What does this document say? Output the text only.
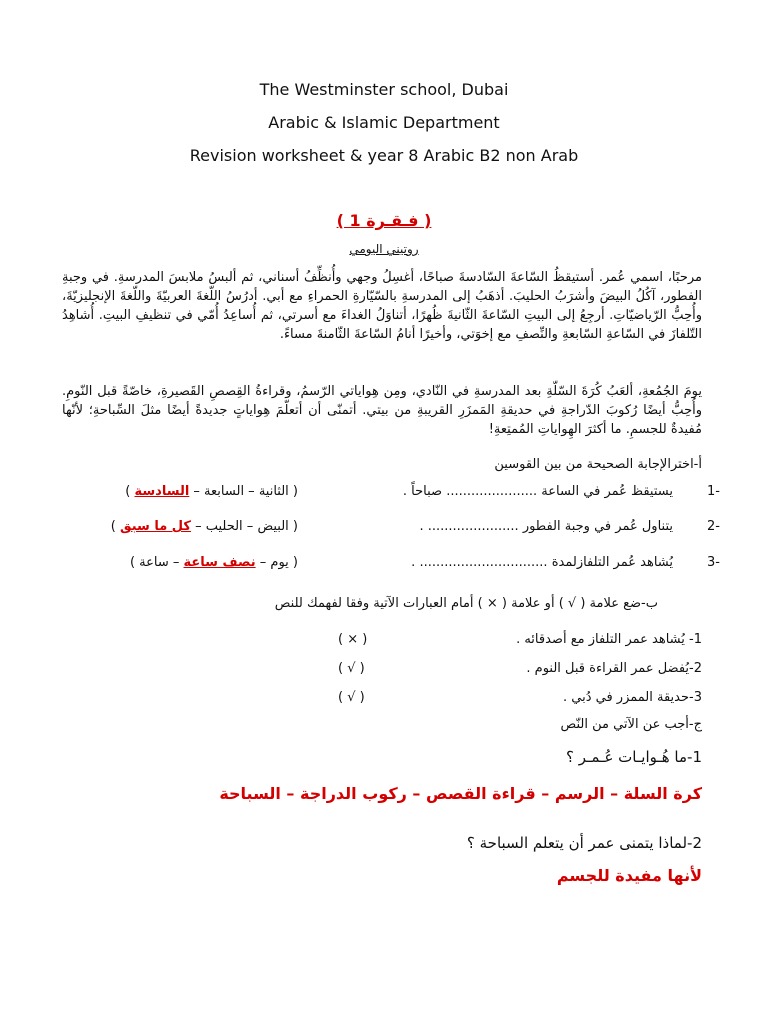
The Westminster school, Dubai
Arabic & Islamic Department
Revision worksheet & year 8 Arabic B2 non Arab
( فـقـرة 1 )
روتيني اليومي
مرحبًا، اسمي عُمر. أستيقظُ السّاعةَ السّادسةَ صباحًا، أغسِلُ وجهي وأُنظِّفُ أسناني، ثم ألبسُ ملابسَ المدرسةِ. في وجبةِ الفطور، آكُلُ البيضَ وأشرَبُ الحليبَ. أذهَبُ إلى المدرسةِ بالسّيّارةِ الحمراءِ مع أبي. أدرُسُ اللّغةَ العربيّةَ واللّغةَ الإنجليزيّةَ، وأُحِبُّ الرّياضيّاتِ. أرجِعُ إلى البيتِ السّاعةَ الثّانيةَ ظُهرًا، أتناوَلُ الغداءَ مع أسرتي، ثم أُساعِدُ أُمّي في تنظيفِ البيتِ. أُشاهِدُ التّلفازَ في السّاعةِ السّابعةِ والنِّصفِ مع إخوَتي، وأخيرًا أنامُ السّاعةَ الثّامنةَ مساءً.
يومَ الجُمُعةِ، ألعَبُ كُرَةَ السّلّةِ بعد المدرسةِ في النّادي، ومِن هِواياتي الرّسمُ، وقراءةُ القِصصِ القَصيرةِ، خاصّةً قبل النّومِ. وأُحِبُّ أيضًا رُكوبَ الدّراجةِ في حديقةِ المَمزَرِ القريبةِ من بيتي. أتمنّى أن أتعلّمَ هِواياتٍ جديدةً أيضًا مثلَ السِّباحةِ؛ لأنّها مُفيدةٌ للجسمِ. ما أكثرَ الهِواياتِ المُمتِعةِ!
أ-اخترالإجابة الصحيحة من بين القوسين
-1
يستيقظ عُمر في الساعة ...................... صباحاً .
( الثانية – السابعة – السادسة )
-2
يتناول عُمر في وجبة الفطور ...................... .
( البيض – الحليب – كل ما سبق )
-3
يُشاهد عُمر التلفازلمدة ............................... .
( يوم – نصف ساعة – ساعة )
ب-ضع علامة ( √ ) أو علامة ( × ) أمام العبارات الآتية وفقا لفهمك للنص
1- يُشاهد عمر التلفاز مع أصدقائه .
( × )
2-يُفضل عمر القراءة قبل النوم .
( √ )
3-حديقة الممزر في دُبي .
( √ )
ج-أجب عن الآتي من النّص
1-ما هُـوايـات عُـمـر ؟
كرة السلة – الرسم – قراءة القصص – ركوب الدراجة – السباحة
2-لماذا يتمنى عمر أن يتعلم السباحة ؟
لأنها مفيدة للجسم
